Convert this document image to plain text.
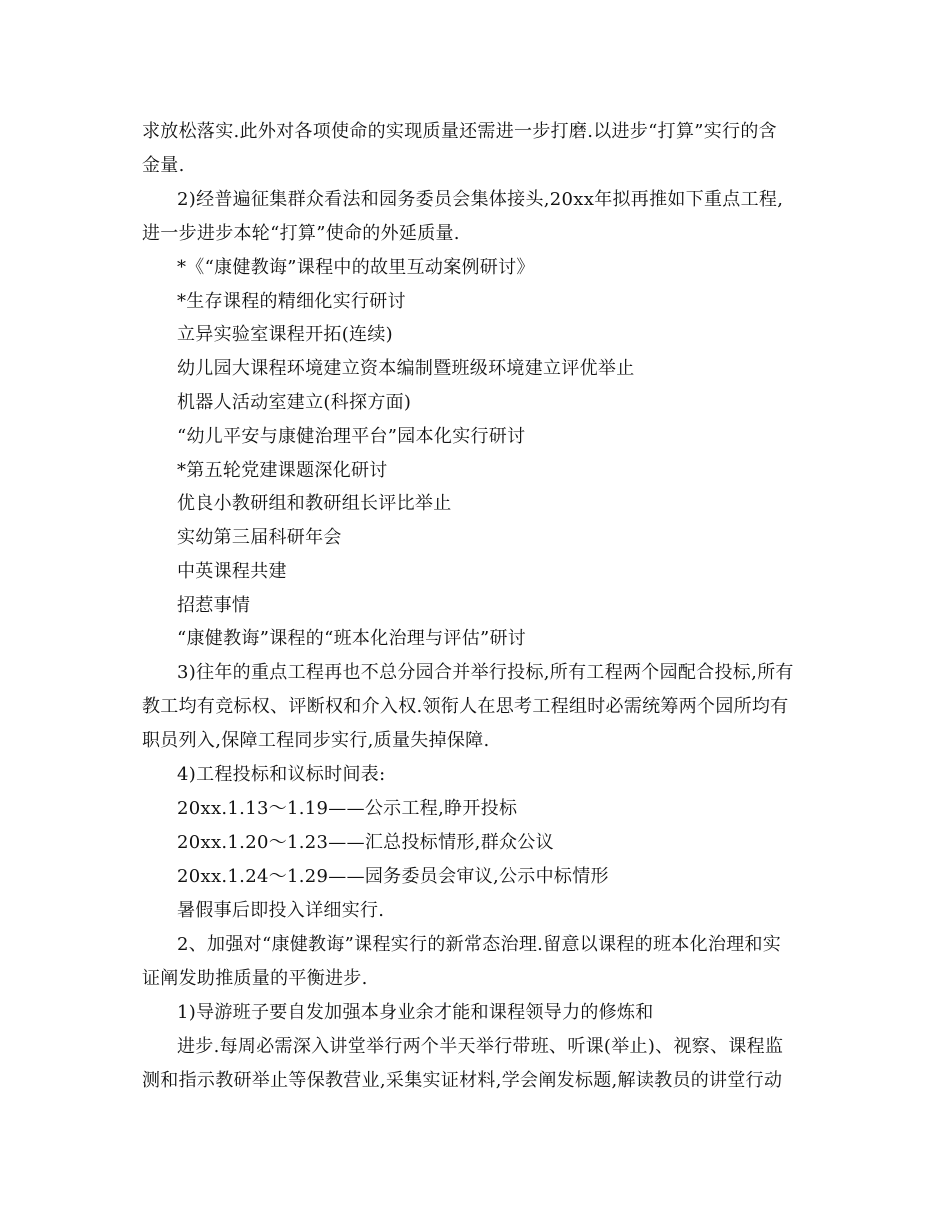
求放松落实.此外对各项使命的实现质量还需进一步打磨.以进步“打算”实行的含
金量.
2)经普遍征集群众看法和园务委员会集体接头,20xx年拟再推如下重点工程,
进一步进步本轮“打算”使命的外延质量.
*《“康健教诲”课程中的故里互动案例研讨》
*生存课程的精细化实行研讨
立异实验室课程开拓(连续)
幼儿园大课程环境建立资本编制暨班级环境建立评优举止
机器人活动室建立(科探方面)
“幼儿平安与康健治理平台”园本化实行研讨
*第五轮党建课题深化研讨
优良小教研组和教研组长评比举止
实幼第三届科研年会
中英课程共建
招惹事情
“康健教诲”课程的“班本化治理与评估”研讨
3)往年的重点工程再也不总分园合并举行投标,所有工程两个园配合投标,所有
教工均有竞标权、评断权和介入权.领衔人在思考工程组时必需统筹两个园所均有
职员列入,保障工程同步实行,质量失掉保障.
4)工程投标和议标时间表:
20xx.1.13～1.19——公示工程,睁开投标
20xx.1.20～1.23——汇总投标情形,群众公议
20xx.1.24～1.29——园务委员会审议,公示中标情形
暑假事后即投入详细实行.
2、加强对“康健教诲”课程实行的新常态治理.留意以课程的班本化治理和实
证阐发助推质量的平衡进步.
1)导游班子要自发加强本身业余才能和课程领导力的修炼和
进步.每周必需深入讲堂举行两个半天举行带班、听课(举止)、视察、课程监
测和指示教研举止等保教营业,采集实证材料,学会阐发标题,解读教员的讲堂行动
